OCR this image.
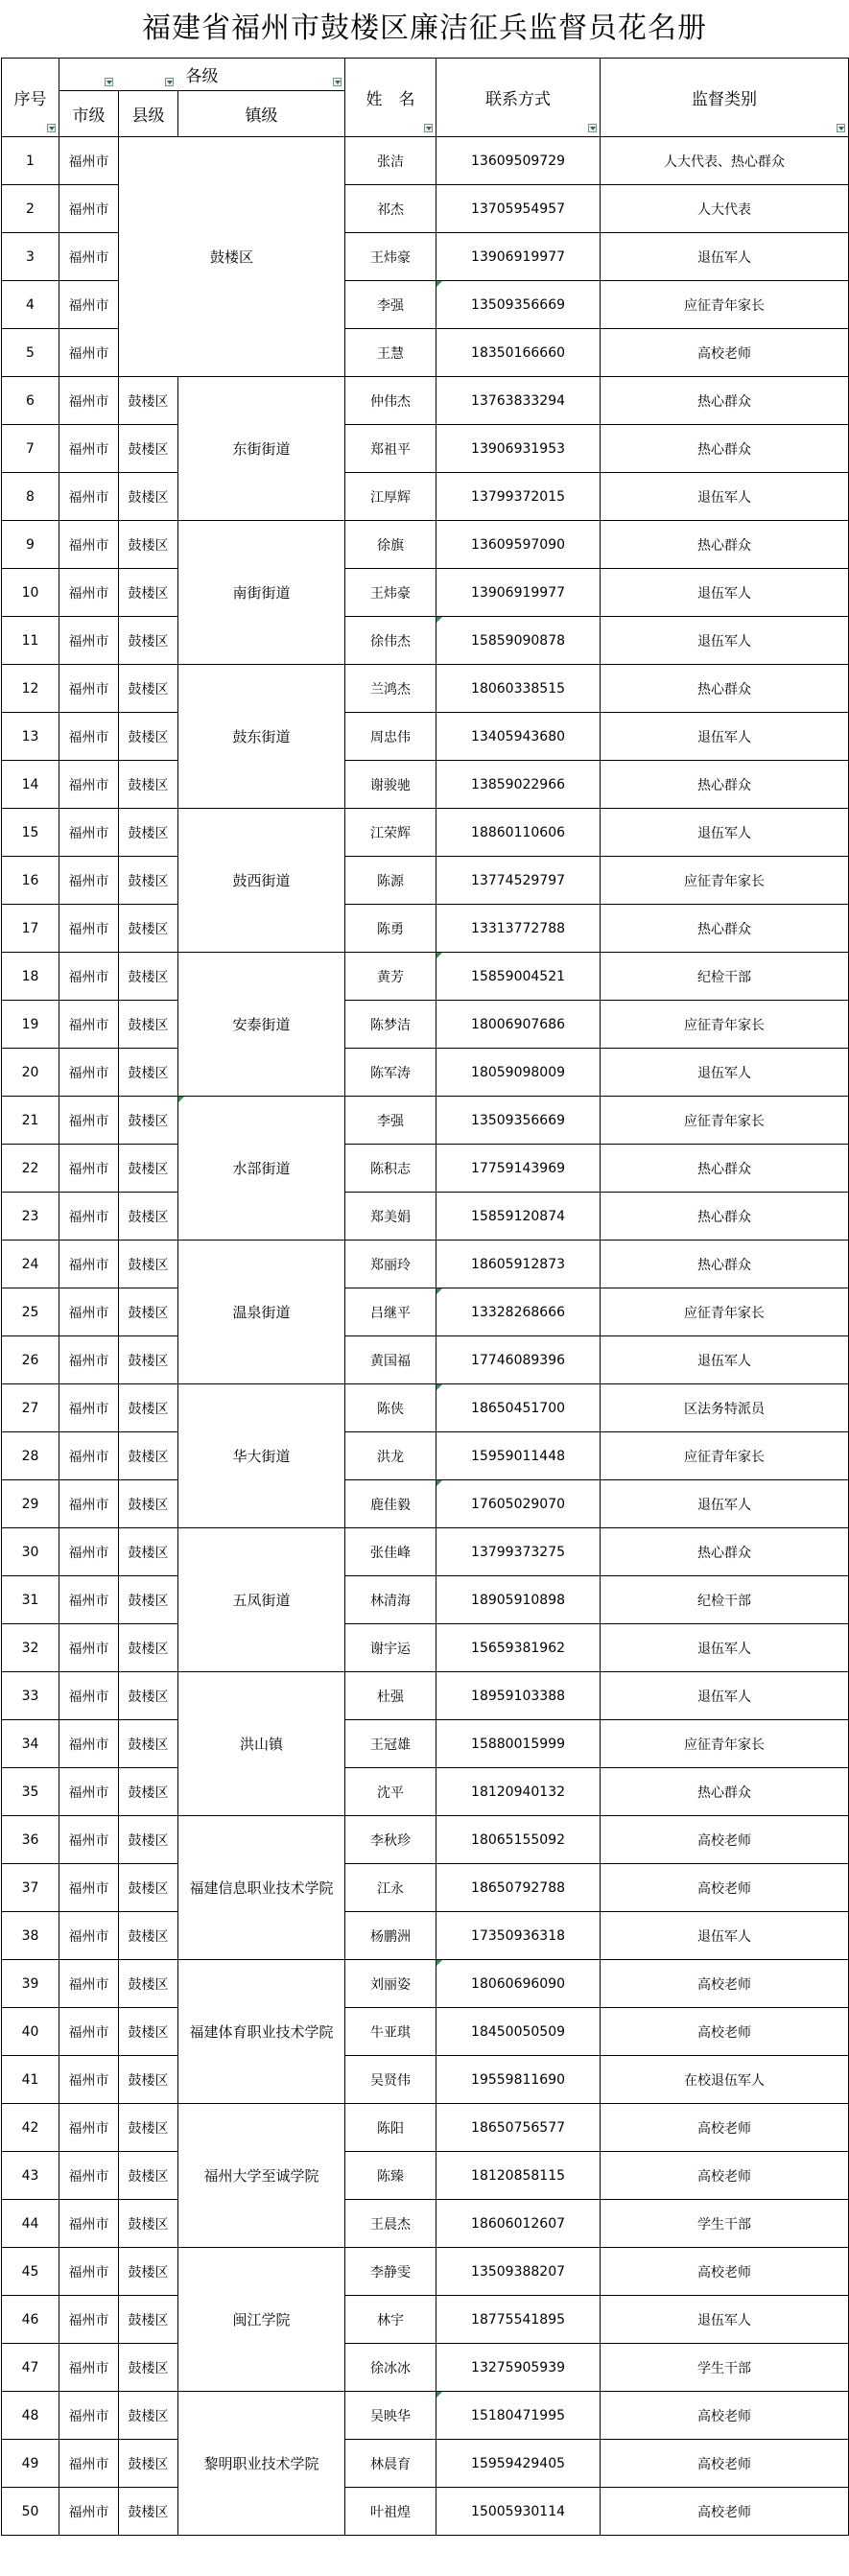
福建省福州市鼓楼区廉洁征兵监督员花名册
序号	各级			姓　名	联系方式	监督类别

	市级	县级	镇级			
1	福州市	鼓楼区		张洁	13609509729	人大代表、热心群众
2	福州市			祁杰	13705954957	人大代表
3	福州市			王炜豪	13906919977	退伍军人
4	福州市			李强	13509356669	应征青年家长
5	福州市			王慧	18350166660	高校老师
6	福州市	鼓楼区	东街街道	仲伟杰	13763833294	热心群众
7	福州市	鼓楼区		郑祖平	13906931953	热心群众
8	福州市	鼓楼区		江厚辉	13799372015	退伍军人
9	福州市	鼓楼区	南街街道	徐旗	13609597090	热心群众
10	福州市	鼓楼区		王炜豪	13906919977	退伍军人
11	福州市	鼓楼区		徐伟杰	15859090878	退伍军人
12	福州市	鼓楼区	鼓东街道	兰鸿杰	18060338515	热心群众
13	福州市	鼓楼区		周忠伟	13405943680	退伍军人
14	福州市	鼓楼区		谢骏驰	13859022966	热心群众
15	福州市	鼓楼区	鼓西街道	江荣辉	18860110606	退伍军人
16	福州市	鼓楼区		陈源	13774529797	应征青年家长
17	福州市	鼓楼区		陈勇	13313772788	热心群众
18	福州市	鼓楼区	安泰街道	黄芳	15859004521	纪检干部
19	福州市	鼓楼区		陈梦洁	18006907686	应征青年家长
20	福州市	鼓楼区		陈军涛	18059098009	退伍军人
21	福州市	鼓楼区	水部街道	李强	13509356669	应征青年家长
22	福州市	鼓楼区		陈积志	17759143969	热心群众
23	福州市	鼓楼区		郑美娟	15859120874	热心群众
24	福州市	鼓楼区	温泉街道	郑丽玲	18605912873	热心群众
25	福州市	鼓楼区		吕继平	13328268666	应征青年家长
26	福州市	鼓楼区		黄国福	17746089396	退伍军人
27	福州市	鼓楼区	华大街道	陈侠	18650451700	区法务特派员
28	福州市	鼓楼区		洪龙	15959011448	应征青年家长
29	福州市	鼓楼区		鹿佳毅	17605029070	退伍军人
30	福州市	鼓楼区	五凤街道	张佳峰	13799373275	热心群众
31	福州市	鼓楼区		林清海	18905910898	纪检干部
32	福州市	鼓楼区		谢宇运	15659381962	退伍军人
33	福州市	鼓楼区	洪山镇	杜强	18959103388	退伍军人
34	福州市	鼓楼区		王冠雄	15880015999	应征青年家长
35	福州市	鼓楼区		沈平	18120940132	热心群众
36	福州市	鼓楼区	福建信息职业技术学院	李秋珍	18065155092	高校老师
37	福州市	鼓楼区		江永	18650792788	高校老师
38	福州市	鼓楼区		杨鹏洲	17350936318	退伍军人
39	福州市	鼓楼区	福建体育职业技术学院	刘丽姿	18060696090	高校老师
40	福州市	鼓楼区		牛亚琪	18450050509	高校老师
41	福州市	鼓楼区		吴贤伟	19559811690	在校退伍军人
42	福州市	鼓楼区	福州大学至诚学院	陈阳	18650756577	高校老师
43	福州市	鼓楼区		陈臻	18120858115	高校老师
44	福州市	鼓楼区		王晨杰	18606012607	学生干部
45	福州市	鼓楼区	闽江学院	李静雯	13509388207	高校老师
46	福州市	鼓楼区		林宇	18775541895	退伍军人
47	福州市	鼓楼区		徐冰冰	13275905939	学生干部
48	福州市	鼓楼区	黎明职业技术学院	吴映华	15180471995	高校老师
49	福州市	鼓楼区		林晨育	15959429405	高校老师
50	福州市	鼓楼区		叶祖煌	15005930114	高校老师
